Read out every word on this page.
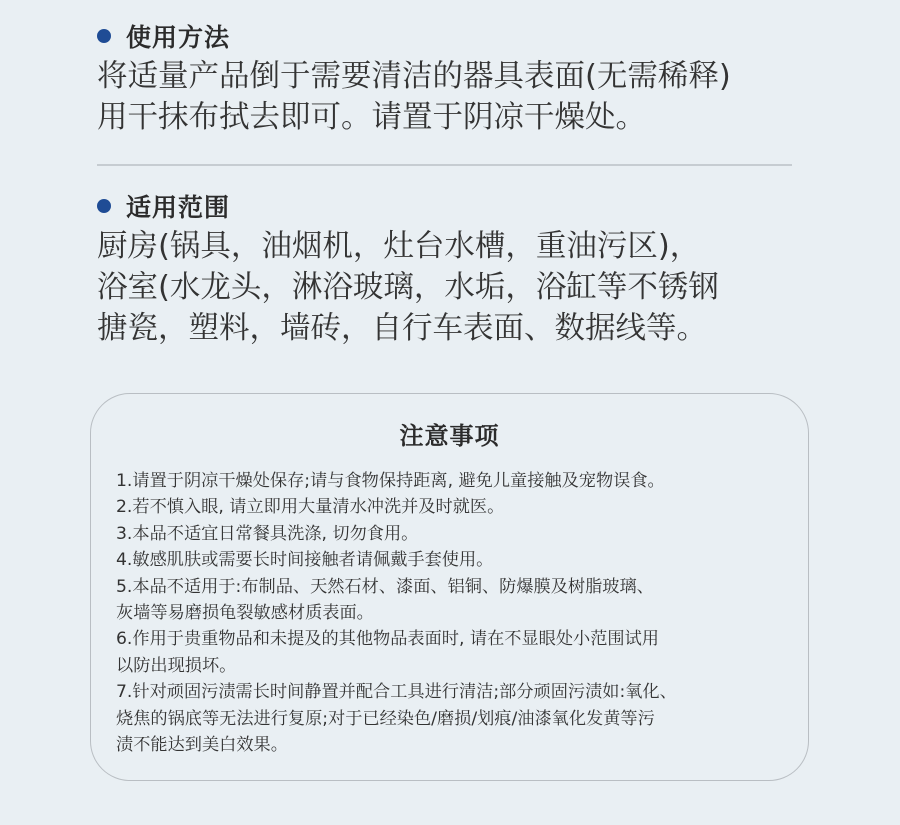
使用方法
将适量产品倒于需要清洁的器具表面(无需稀释)
用干抹布拭去即可。请置于阴凉干燥处。
适用范围
厨房(锅具，油烟机，灶台水槽，重油污区)，
浴室(水龙头，淋浴玻璃，水垢，浴缸等不锈钢
搪瓷，塑料，墙砖，自行车表面、数据线等。
注意事项
1.请置于阴凉干燥处保存;请与食物保持距离, 避免儿童接触及宠物误食。
2.若不慎入眼, 请立即用大量清水冲洗并及时就医。
3.本品不适宜日常餐具洗涤, 切勿食用。
4.敏感肌肤或需要长时间接触者请佩戴手套使用。
5.本品不适用于:布制品、天然石材、漆面、铝铜、防爆膜及树脂玻璃、
灰墙等易磨损龟裂敏感材质表面。
6.作用于贵重物品和未提及的其他物品表面时, 请在不显眼处小范围试用
以防出现损坏。
7.针对顽固污渍需长时间静置并配合工具进行清洁;部分顽固污渍如:氧化、
烧焦的锅底等无法进行复原;对于已经染色/磨损/划痕/油漆氧化发黄等污
渍不能达到美白效果。
